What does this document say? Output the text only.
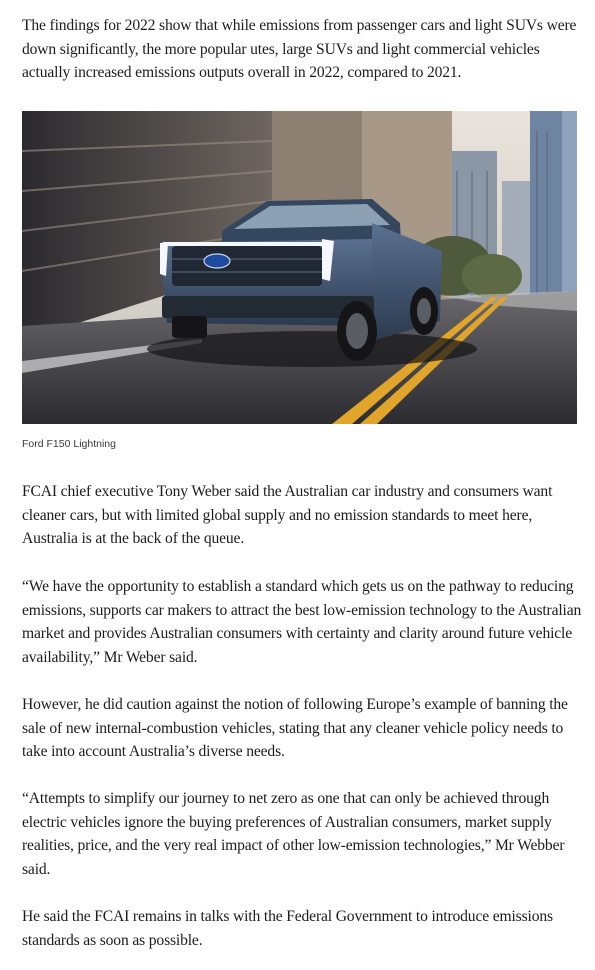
The findings for 2022 show that while emissions from passenger cars and light SUVs were down significantly, the more popular utes, large SUVs and light commercial vehicles actually increased emissions outputs overall in 2022, compared to 2021.

Ford F150 Lightning

FCAI chief executive Tony Weber said the Australian car industry and consumers want cleaner cars, but with limited global supply and no emission standards to meet here, Australia is at the back of the queue.

“We have the opportunity to establish a standard which gets us on the pathway to reducing emissions, supports car makers to attract the best low-emission technology to the Australian market and provides Australian consumers with certainty and clarity around future vehicle availability,” Mr Weber said.

However, he did caution against the notion of following Europe’s example of banning the sale of new internal-combustion vehicles, stating that any cleaner vehicle policy needs to take into account Australia’s diverse needs.

“Attempts to simplify our journey to net zero as one that can only be achieved through electric vehicles ignore the buying preferences of Australian consumers, market supply realities, price, and the very real impact of other low-emission technologies,” Mr Webber said.

He said the FCAI remains in talks with the Federal Government to introduce emissions standards as soon as possible.
